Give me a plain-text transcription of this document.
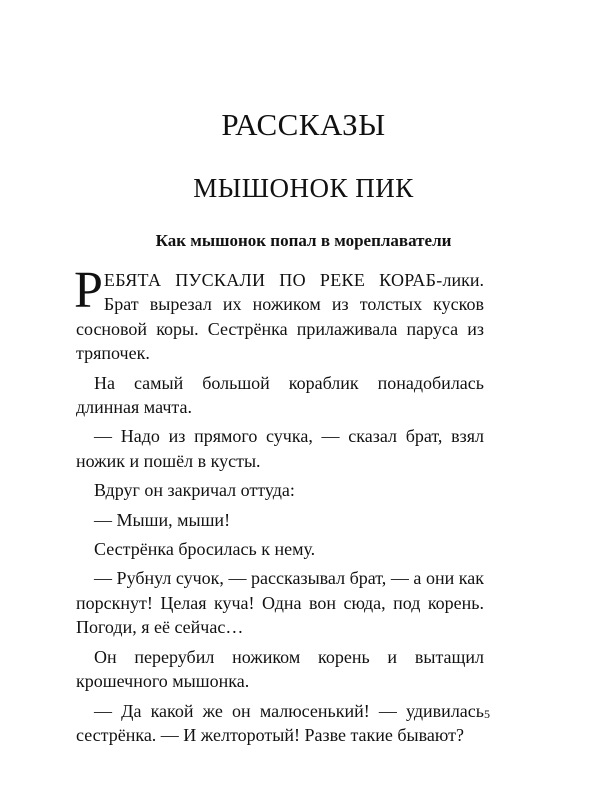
РАССКАЗЫ
МЫШОНОК ПИК
Как мышонок попал в мореплаватели

РЕБЯТА ПУСКАЛИ ПО РЕКЕ КОРАБ-лики. Брат вырезал их ножиком из толстых кусков сосновой коры. Сестрёнка прилаживала паруса из тряпочек.

На самый большой кораблик понадобилась длинная мачта.

— Надо из прямого сучка, — сказал брат, взял ножик и пошёл в кусты.

Вдруг он закричал оттуда:

— Мыши, мыши!

Сестрёнка бросилась к нему.

— Рубнул сучок, — рассказывал брат, — а они как порскнут! Целая куча! Одна вон сюда, под корень. Погоди, я её сейчас…

Он перерубил ножиком корень и вытащил крошечного мышонка.

— Да какой же он малюсенький! — удивилась сестрёнка. — И желторотый! Разве такие бывают?

5
